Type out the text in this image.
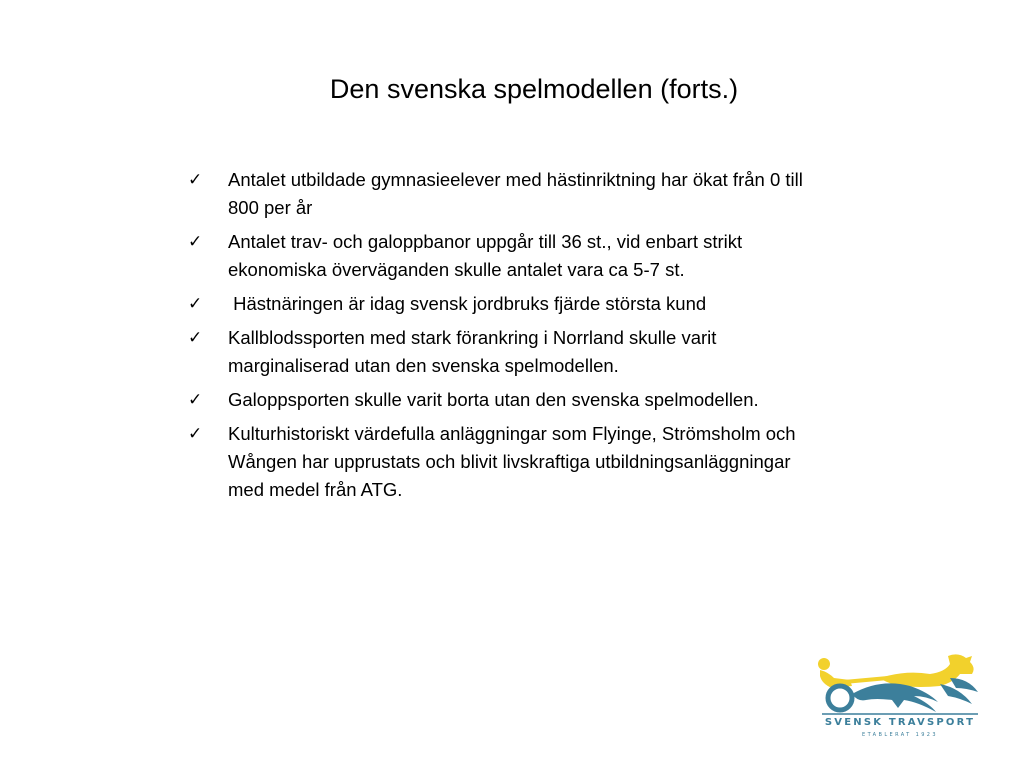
Den svenska spelmodellen (forts.)
✓ Antalet utbildade gymnasieelever med hästinriktning har ökat från 0 till 800 per år
✓ Antalet trav- och galoppbanor uppgår till 36 st., vid enbart strikt ekonomiska överväganden skulle antalet vara ca 5-7 st.
✓ Hästnäringen är idag svensk jordbruks fjärde största kund
✓ Kallblodssporten med stark förankring i Norrland skulle varit marginaliserad utan den svenska spelmodellen.
✓ Galoppsporten skulle varit borta utan den svenska spelmodellen.
✓ Kulturhistoriskt värdefulla anläggningar som Flyinge, Strömsholm och Wången har upprustats och blivit livskraftiga utbildningsanläggningar med medel från ATG.
SVENSK TRAVSPORT
ETABLERAT 1923
